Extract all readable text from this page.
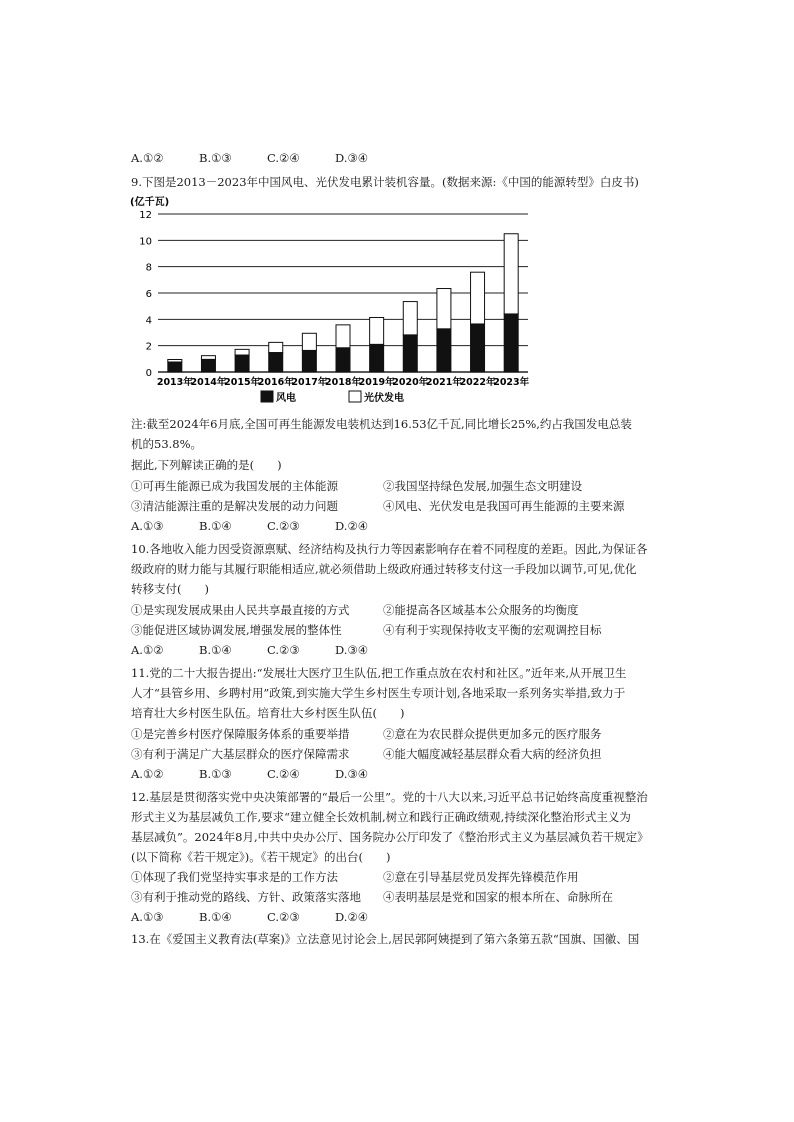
A.①②	B.①③	C.②④	D.③④
9.下图是2013－2023年中国风电、光伏发电累计装机容量。(数据来源:《中国的能源转型》白皮书)
0
2
4
6
8
10
12
2013年
2014年
2015年
2016年
2017年
2018年
2019年
2020年
2021年
2022年
2023年
(亿千瓦)
风电	光伏发电
注:截至2024年6月底,全国可再生能源发电装机达到16.53亿千瓦,同比增长25%,约占我国发电总装
机的53.8%。
据此,下列解读正确的是(　　)
①可再生能源已成为我国发展的主体能源	②我国坚持绿色发展,加强生态文明建设
③清洁能源注重的是解决发展的动力问题	④风电、光伏发电是我国可再生能源的主要来源
A.①③	B.①④	C.②③	D.②④
10.各地收入能力因受资源禀赋、经济结构及执行力等因素影响存在着不同程度的差距。因此,为保证各
级政府的财力能与其履行职能相适应,就必须借助上级政府通过转移支付这一手段加以调节,可见,优化
转移支付(　　)
①是实现发展成果由人民共享最直接的方式	②能提高各区域基本公众服务的均衡度
③能促进区域协调发展,增强发展的整体性	④有利于实现保持收支平衡的宏观调控目标
A.①②	B.①④	C.②③	D.③④
11.党的二十大报告提出:“发展壮大医疗卫生队伍,把工作重点放在农村和社区。”近年来,从开展卫生
人才“县管乡用、乡聘村用”政策,到实施大学生乡村医生专项计划,各地采取一系列务实举措,致力于
培育壮大乡村医生队伍。培育壮大乡村医生队伍(　　)
①是完善乡村医疗保障服务体系的重要举措	②意在为农民群众提供更加多元的医疗服务
③有利于满足广大基层群众的医疗保障需求	④能大幅度减轻基层群众看大病的经济负担
A.①②	B.①③	C.②④	D.③④
12.基层是贯彻落实党中央决策部署的“最后一公里”。党的十八大以来,习近平总书记始终高度重视整治
形式主义为基层减负工作,要求“建立健全长效机制,树立和践行正确政绩观,持续深化整治形式主义为
基层减负”。2024年8月,中共中央办公厅、国务院办公厅印发了《整治形式主义为基层减负若干规定》
(以下简称《若干规定》)。《若干规定》的出台(　　)
①体现了我们党坚持实事求是的工作方法	②意在引导基层党员发挥先锋模范作用
③有利于推动党的路线、方针、政策落实落地 ④表明基层是党和国家的根本所在、命脉所在
A.①③	B.①④	C.②③	D.②④
13.在《爱国主义教育法(草案)》立法意见讨论会上,居民郭阿姨提到了第六条第五款“国旗、国徽、国
